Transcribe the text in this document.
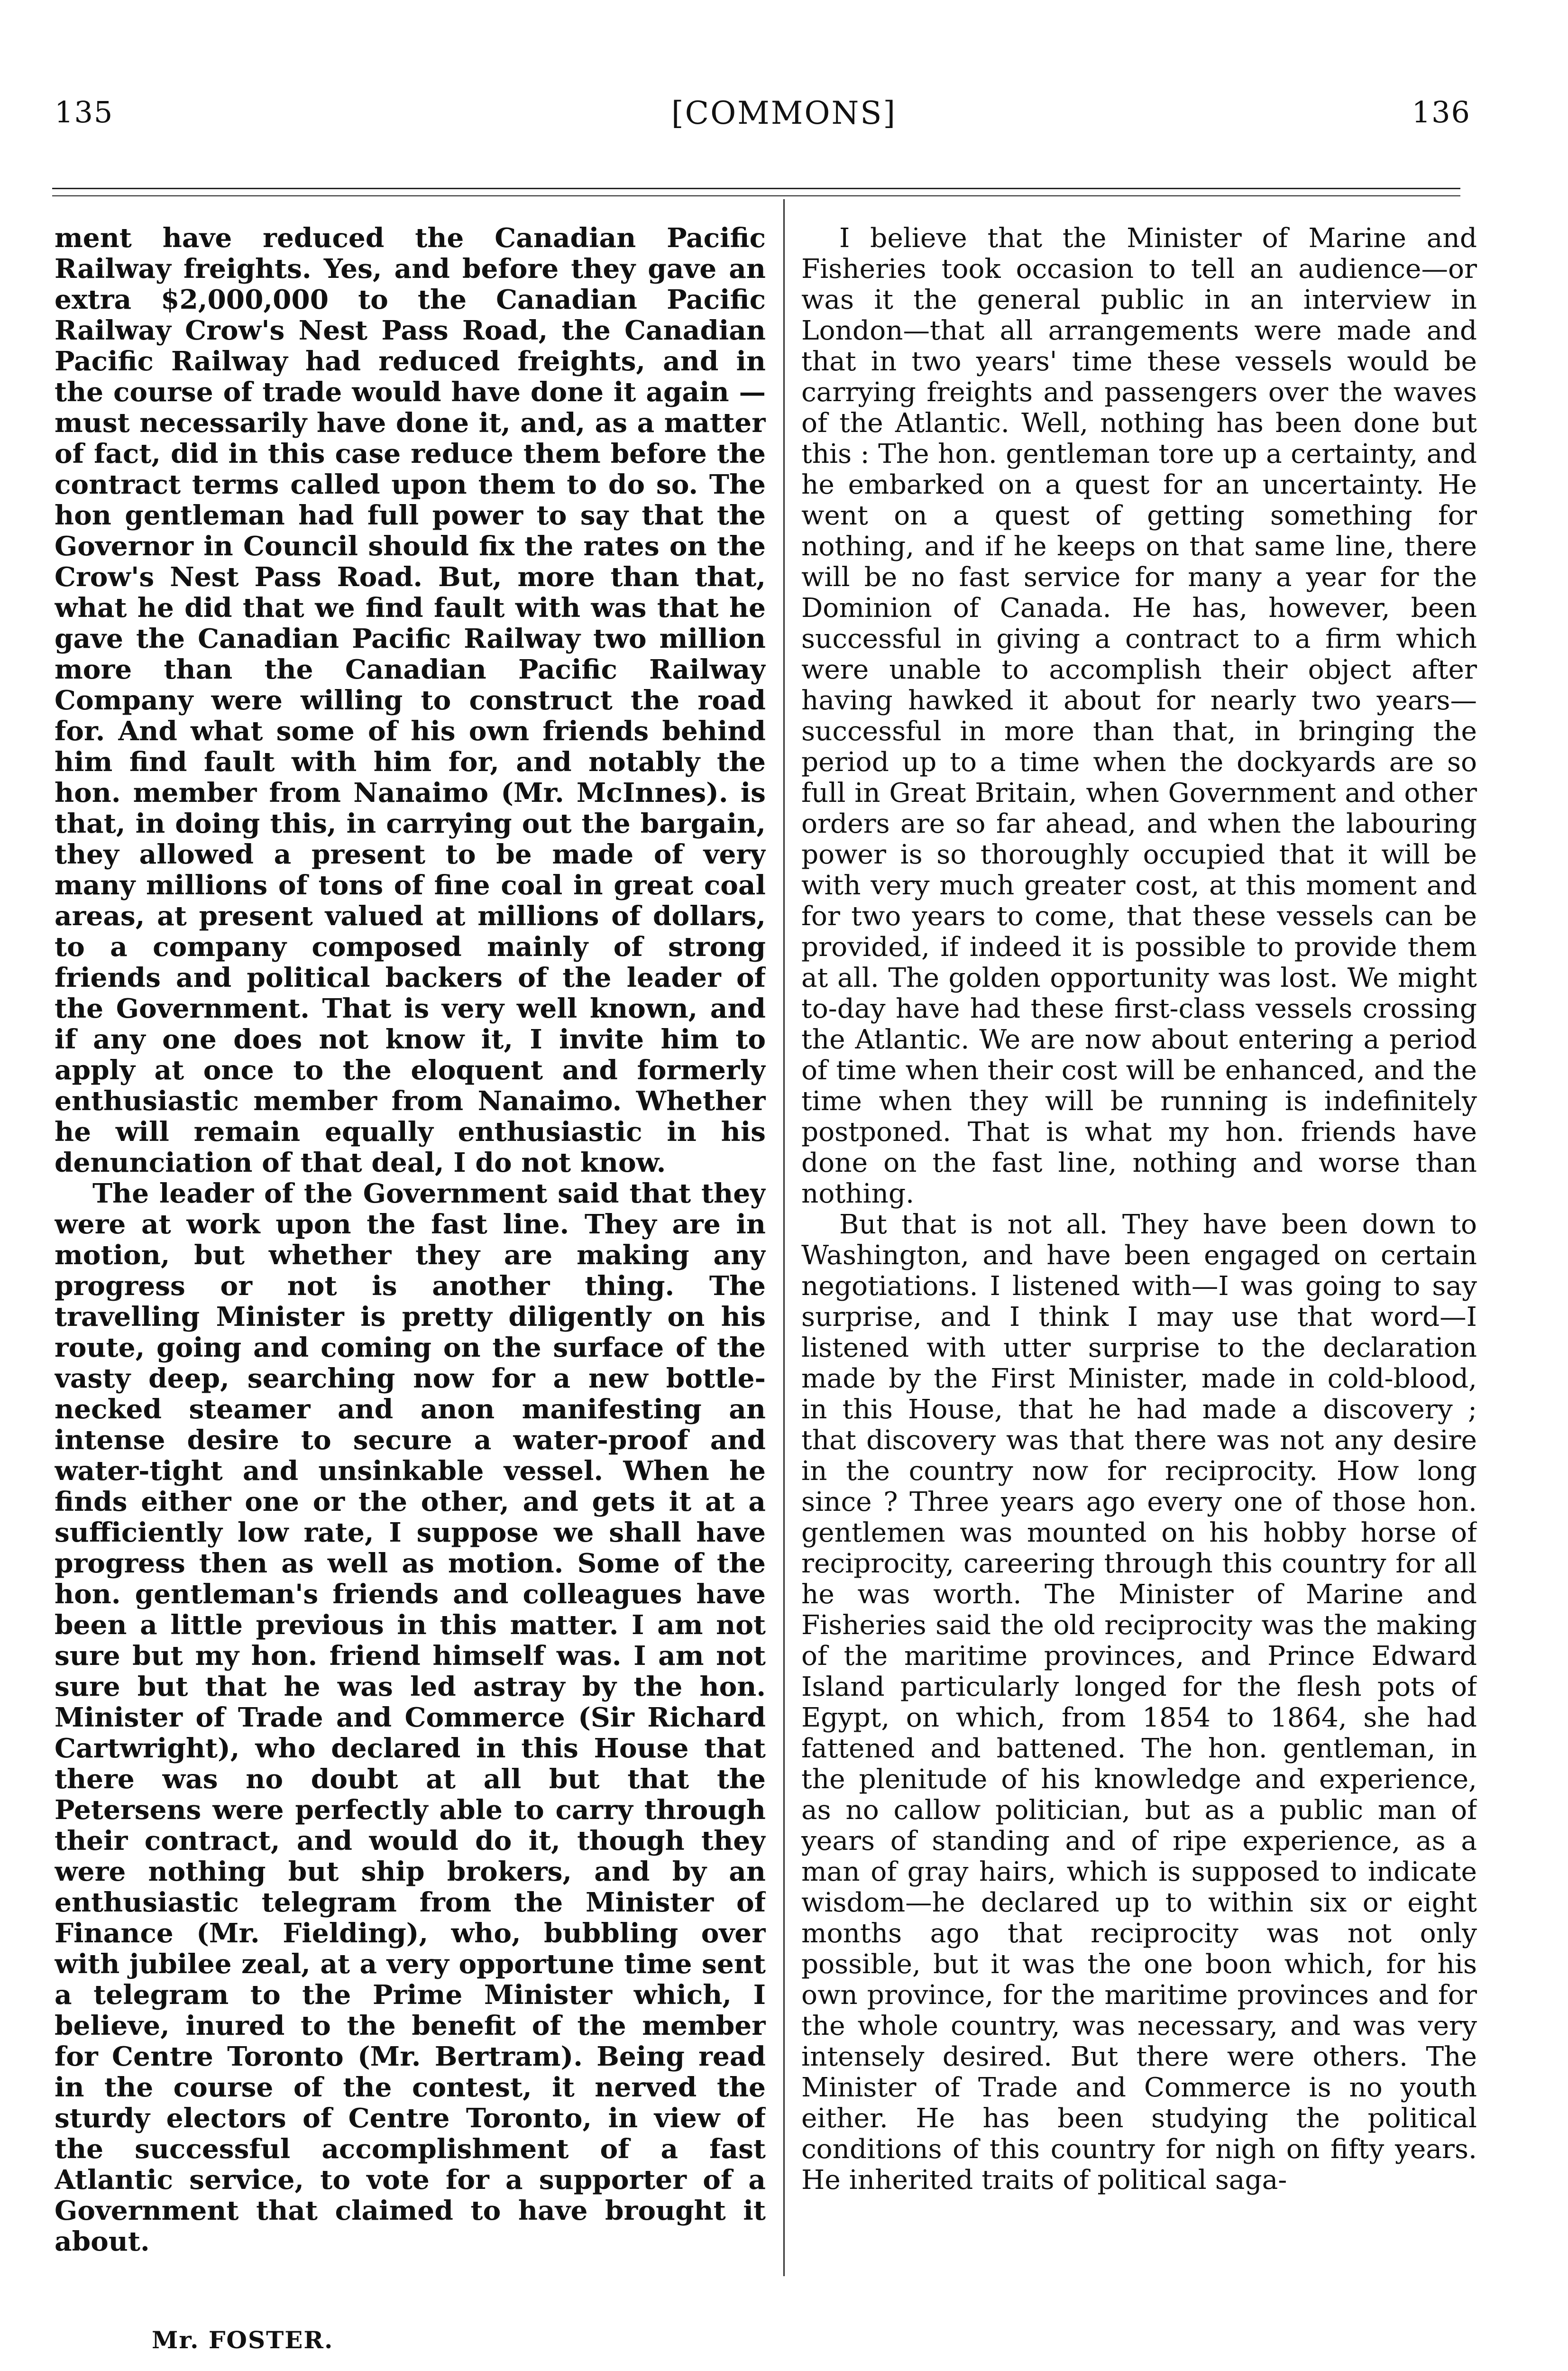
135	[COMMONS]	136

ment have reduced the Canadian Pacific Railway freights. Yes, and before they gave an extra $2,000,000 to the Canadian Pacific Railway Crow's Nest Pass Road, the Canadian Pacific Railway had reduced freights, and in the course of trade would have done it again —must necessarily have done it, and, as a matter of fact, did in this case reduce them before the contract terms called upon them to do so. The hon gentleman had full power to say that the Governor in Council should fix the rates on the Crow's Nest Pass Road. But, more than that, what he did that we find fault with was that he gave the Canadian Pacific Railway two million more than the Canadian Pacific Railway Company were willing to construct the road for. And what some of his own friends behind him find fault with him for, and notably the hon. member from Nanaimo (Mr. McInnes). is that, in doing this, in carrying out the bargain, they allowed a present to be made of very many millions of tons of fine coal in great coal areas, at present valued at millions of dollars, to a company composed mainly of strong friends and political backers of the leader of the Government. That is very well known, and if any one does not know it, I invite him to apply at once to the eloquent and formerly enthusiastic member from Nanaimo. Whether he will remain equally enthusiastic in his denunciation of that deal, I do not know.

The leader of the Government said that they were at work upon the fast line. They are in motion, but whether they are making any progress or not is another thing. The travelling Minister is pretty diligently on his route, going and coming on the surface of the vasty deep, searching now for a new bottle-necked steamer and anon manifesting an intense desire to secure a water-proof and water-tight and unsinkable vessel. When he finds either one or the other, and gets it at a sufficiently low rate, I suppose we shall have progress then as well as motion. Some of the hon. gentleman's friends and colleagues have been a little previous in this matter. I am not sure but my hon. friend himself was. I am not sure but that he was led astray by the hon. Minister of Trade and Commerce (Sir Richard Cartwright), who declared in this House that there was no doubt at all but that the Petersens were perfectly able to carry through their contract, and would do it, though they were nothing but ship brokers, and by an enthusiastic telegram from the Minister of Finance (Mr. Fielding), who, bubbling over with jubilee zeal, at a very opportune time sent a telegram to the Prime Minister which, I believe, inured to the benefit of the member for Centre Toronto (Mr. Bertram). Being read in the course of the contest, it nerved the sturdy electors of Centre Toronto, in view of the successful accomplishment of a fast Atlantic service, to vote for a supporter of a Government that claimed to have brought it about.

I believe that the Minister of Marine and Fisheries took occasion to tell an audience—or was it the general public in an interview in London—that all arrangements were made and that in two years' time these vessels would be carrying freights and passengers over the waves of the Atlantic. Well, nothing has been done but this : The hon. gentleman tore up a certainty, and he embarked on a quest for an uncertainty. He went on a quest of getting something for nothing, and if he keeps on that same line, there will be no fast service for many a year for the Dominion of Canada. He has, however, been successful in giving a contract to a firm which were unable to accomplish their object after having hawked it about for nearly two years—successful in more than that, in bringing the period up to a time when the dockyards are so full in Great Britain, when Government and other orders are so far ahead, and when the labouring power is so thoroughly occupied that it will be with very much greater cost, at this moment and for two years to come, that these vessels can be provided, if indeed it is possible to provide them at all. The golden opportunity was lost. We might to-day have had these first-class vessels crossing the Atlantic. We are now about entering a period of time when their cost will be enhanced, and the time when they will be running is indefinitely postponed. That is what my hon. friends have done on the fast line, nothing and worse than nothing.

But that is not all. They have been down to Washington, and have been engaged on certain negotiations. I listened with—I was going to say surprise, and I think I may use that word—I listened with utter surprise to the declaration made by the First Minister, made in cold-blood, in this House, that he had made a discovery ; that discovery was that there was not any desire in the country now for reciprocity. How long since ? Three years ago every one of those hon. gentlemen was mounted on his hobby horse of reciprocity, careering through this country for all he was worth. The Minister of Marine and Fisheries said the old reciprocity was the making of the maritime provinces, and Prince Edward Island particularly longed for the flesh pots of Egypt, on which, from 1854 to 1864, she had fattened and battened. The hon. gentleman, in the plenitude of his knowledge and experience, as no callow politician, but as a public man of years of standing and of ripe experience, as a man of gray hairs, which is supposed to indicate wisdom—he declared up to within six or eight months ago that reciprocity was not only possible, but it was the one boon which, for his own province, for the maritime provinces and for the whole country, was necessary, and was very intensely desired. But there were others. The Minister of Trade and Commerce is no youth either. He has been studying the political conditions of this country for nigh on fifty years. He inherited traits of political saga-

Mr. FOSTER.
